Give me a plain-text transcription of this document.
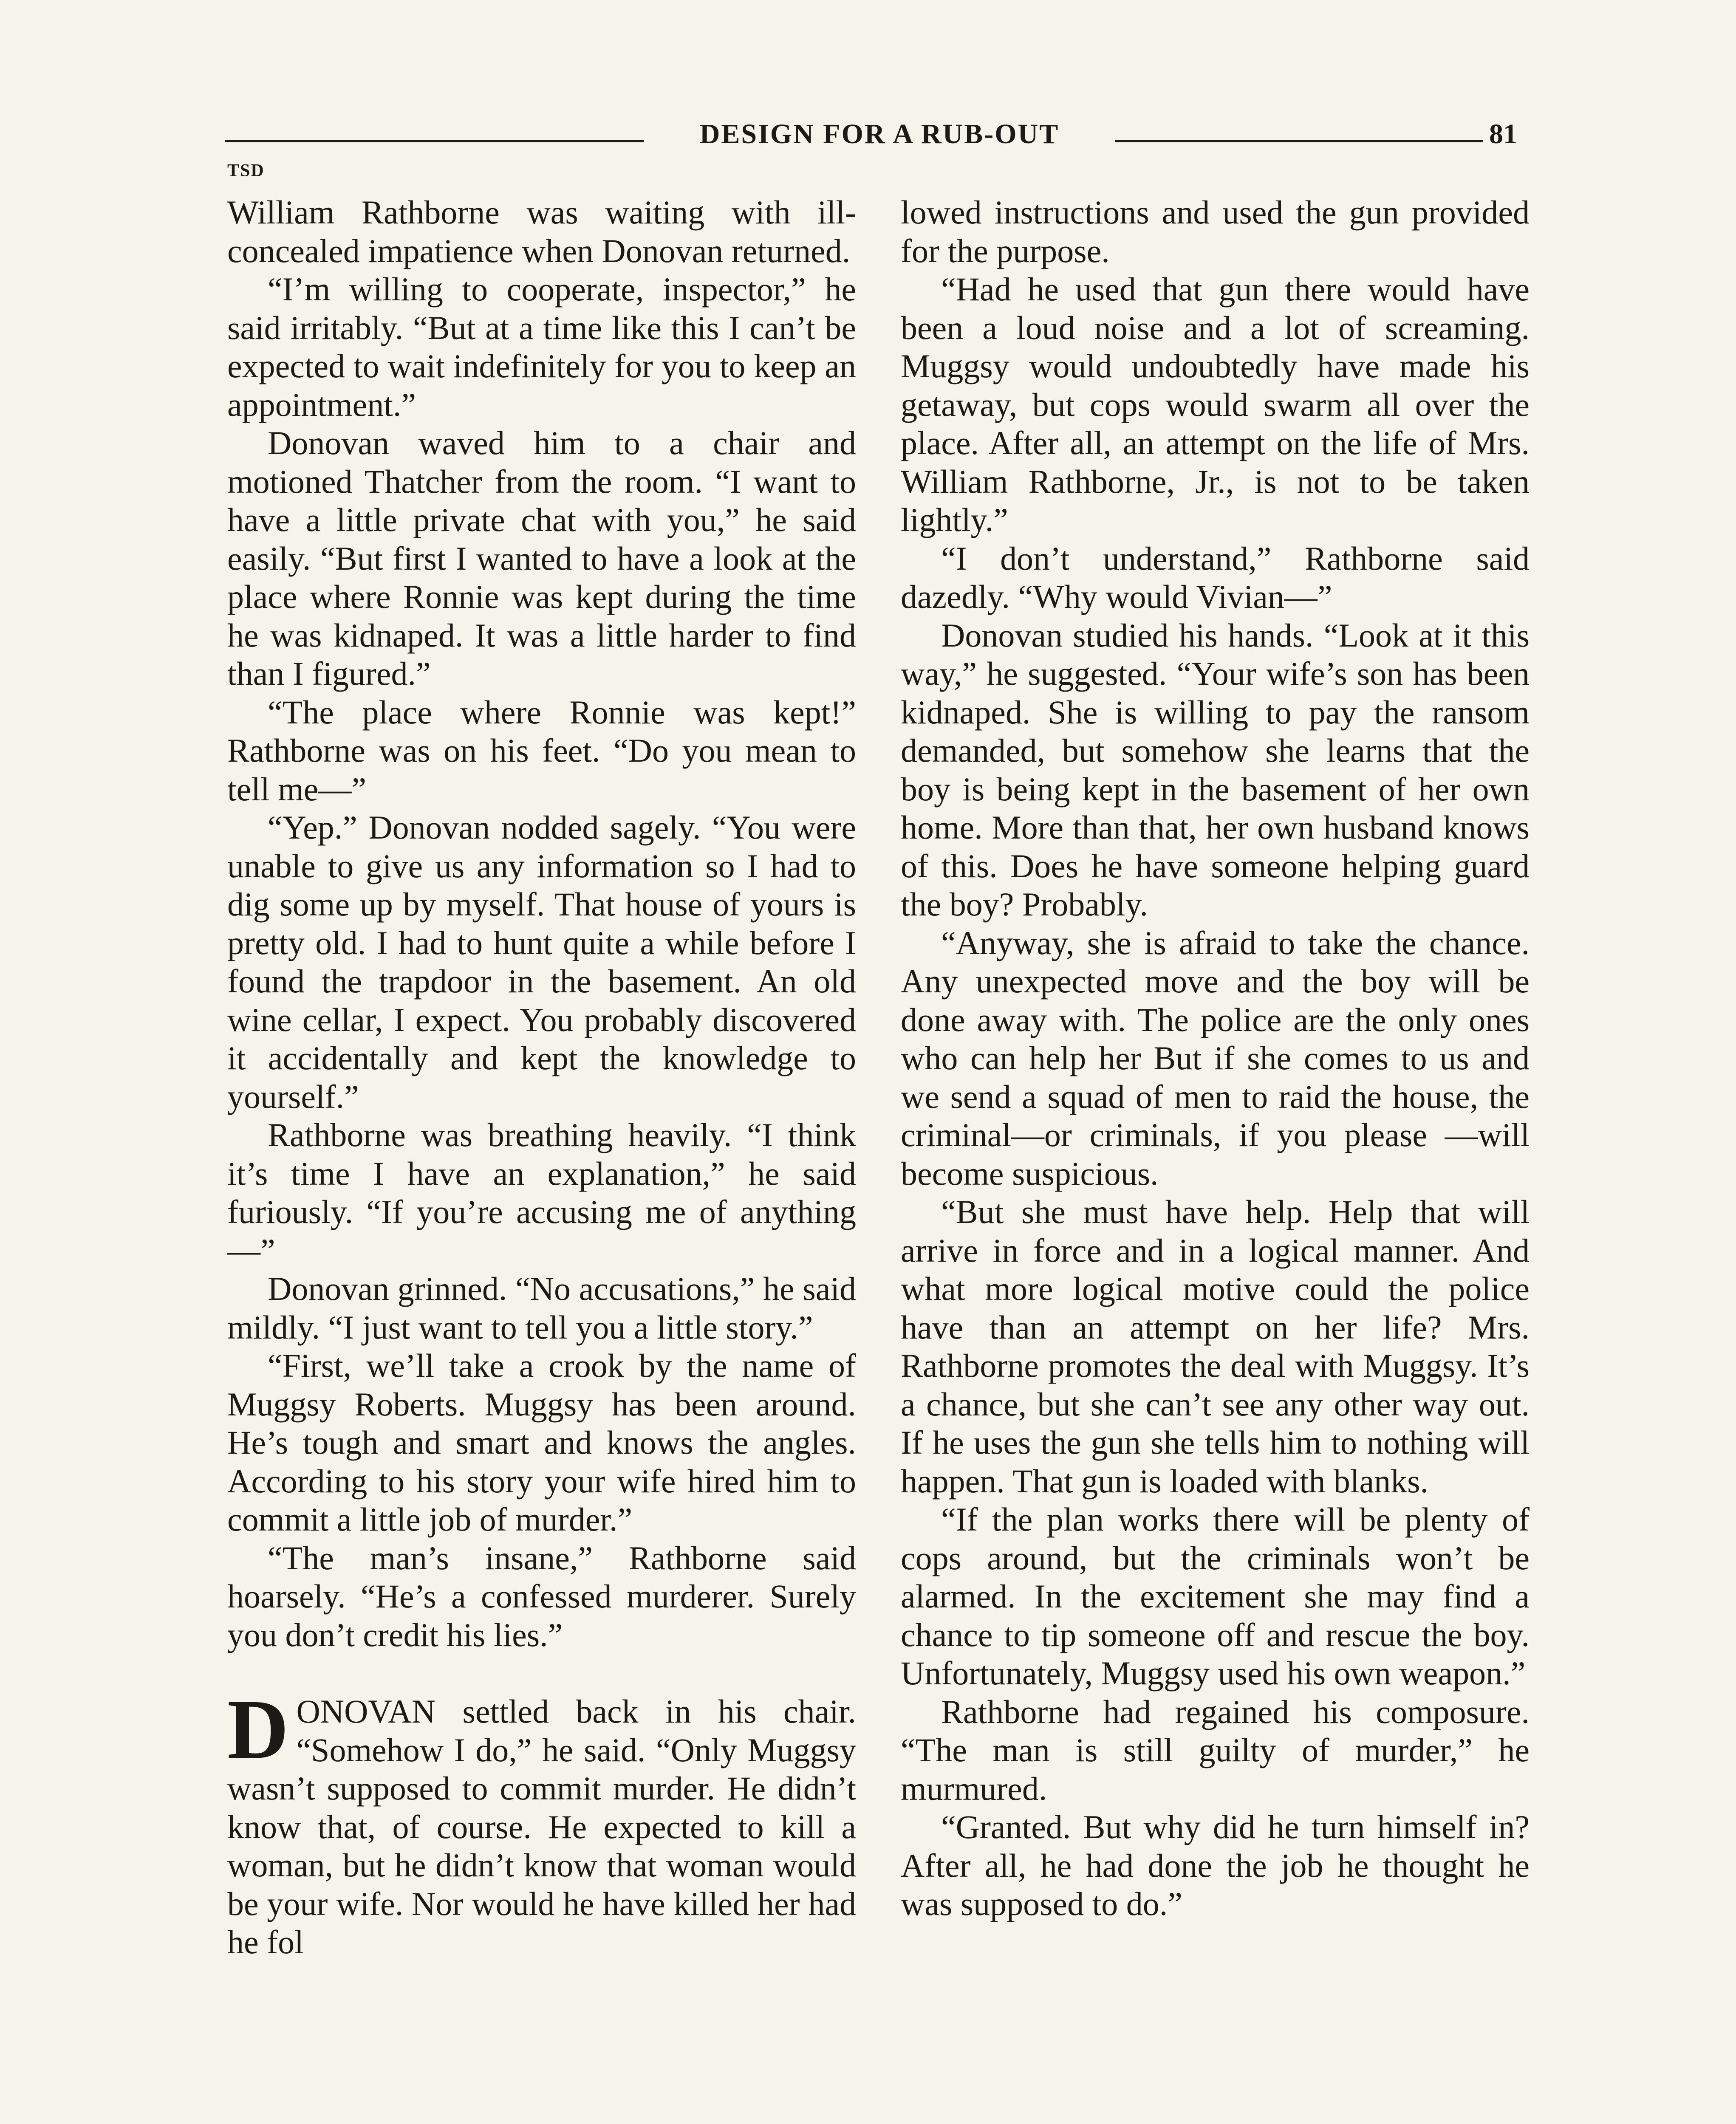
DESIGN FOR A RUB-OUT	81
TSD

William Rathborne was waiting with ill-concealed impatience when Donovan returned.

“I’m willing to cooperate, inspector,” he said irritably. “But at a time like this I can’t be expected to wait indefinitely for you to keep an appointment.”

Donovan waved him to a chair and motioned Thatcher from the room. “I want to have a little private chat with you,” he said easily. “But first I wanted to have a look at the place where Ronnie was kept during the time he was kidnaped. It was a little harder to find than I figured.”

“The place where Ronnie was kept!” Rathborne was on his feet. “Do you mean to tell me—”

“Yep.” Donovan nodded sagely. “You were unable to give us any information so I had to dig some up by myself. That house of yours is pretty old. I had to hunt quite a while before I found the trapdoor in the basement. An old wine cellar, I expect. You probably discovered it accidentally and kept the knowledge to yourself.”

Rathborne was breathing heavily. “I think it’s time I have an explanation,” he said furiously. “If you’re accusing me of anything—”

Donovan grinned. “No accusations,” he said mildly. “I just want to tell you a little story.”

“First, we’ll take a crook by the name of Muggsy Roberts. Muggsy has been around. He’s tough and smart and knows the angles. According to his story your wife hired him to commit a little job of murder.”

“The man’s insane,” Rathborne said hoarsely. “He’s a confessed murderer. Surely you don’t credit his lies.”

DONOVAN settled back in his chair. “Somehow I do,” he said. “Only Muggsy wasn’t supposed to commit murder. He didn’t know that, of course. He expected to kill a woman, but he didn’t know that woman would be your wife. Nor would he have killed her had he fol

lowed instructions and used the gun provided for the purpose.

“Had he used that gun there would have been a loud noise and a lot of screaming. Muggsy would undoubtedly have made his getaway, but cops would swarm all over the place. After all, an attempt on the life of Mrs. William Rathborne, Jr., is not to be taken lightly.”

“I don’t understand,” Rathborne said dazedly. “Why would Vivian—”

Donovan studied his hands. “Look at it this way,” he suggested. “Your wife’s son has been kidnaped. She is willing to pay the ransom demanded, but somehow she learns that the boy is being kept in the basement of her own home. More than that, her own husband knows of this. Does he have someone helping guard the boy? Probably.

“Anyway, she is afraid to take the chance. Any unexpected move and the boy will be done away with. The police are the only ones who can help her But if she comes to us and we send a squad of men to raid the house, the criminal—or criminals, if you please —will become suspicious.

“But she must have help. Help that will arrive in force and in a logical manner. And what more logical motive could the police have than an attempt on her life? Mrs. Rathborne promotes the deal with Muggsy. It’s a chance, but she can’t see any other way out. If he uses the gun she tells him to nothing will happen. That gun is loaded with blanks.

“If the plan works there will be plenty of cops around, but the criminals won’t be alarmed. In the excitement she may find a chance to tip someone off and rescue the boy. Unfortunately, Muggsy used his own weapon.”

Rathborne had regained his composure. “The man is still guilty of murder,” he murmured.

“Granted. But why did he turn himself in? After all, he had done the job he thought he was supposed to do.”
